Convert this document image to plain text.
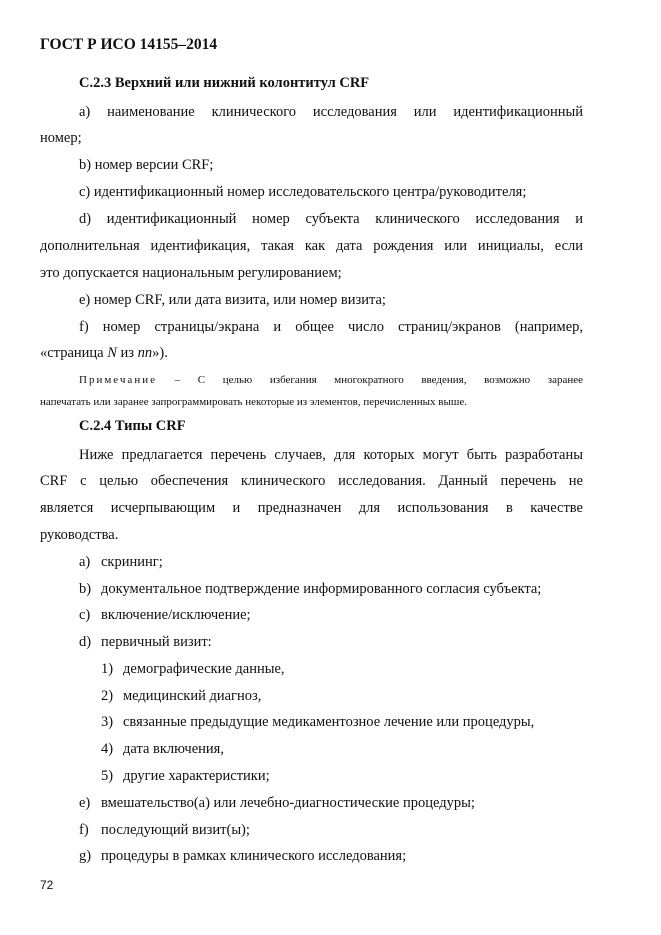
ГОСТ Р ИСО 14155–2014
С.2.3 Верхний или нижний колонтитул CRF
a) наименование клинического исследования или идентификационный
номер;
b) номер версии CRF;
c) идентификационный номер исследовательского центра/руководителя;
d) идентификационный номер субъекта клинического исследования и
дополнительная идентификация, такая как дата рождения или инициалы, если
это допускается национальным регулированием;
e) номер CRF, или дата визита, или номер визита;
f) номер страницы/экрана и общее число страниц/экранов (например,
«страница N из nn»).
Примечание – С целью избегания многократного введения, возможно заранее
напечатать или заранее запрограммировать некоторые из элементов, перечисленных выше.
С.2.4 Типы CRF
Ниже предлагается перечень случаев, для которых могут быть разработаны
CRF с целью обеспечения клинического исследования. Данный перечень не
является исчерпывающим и предназначен для использования в качестве
руководства.
a) скрининг;
b) документальное подтверждение информированного согласия субъекта;
c) включение/исключение;
d) первичный визит:
1) демографические данные,
2) медицинский диагноз,
3) связанные предыдущие медикаментозное лечение или процедуры,
4) дата включения,
5) другие характеристики;
e) вмешательство(а) или лечебно-диагностические процедуры;
f) последующий визит(ы);
g) процедуры в рамках клинического исследования;
72
